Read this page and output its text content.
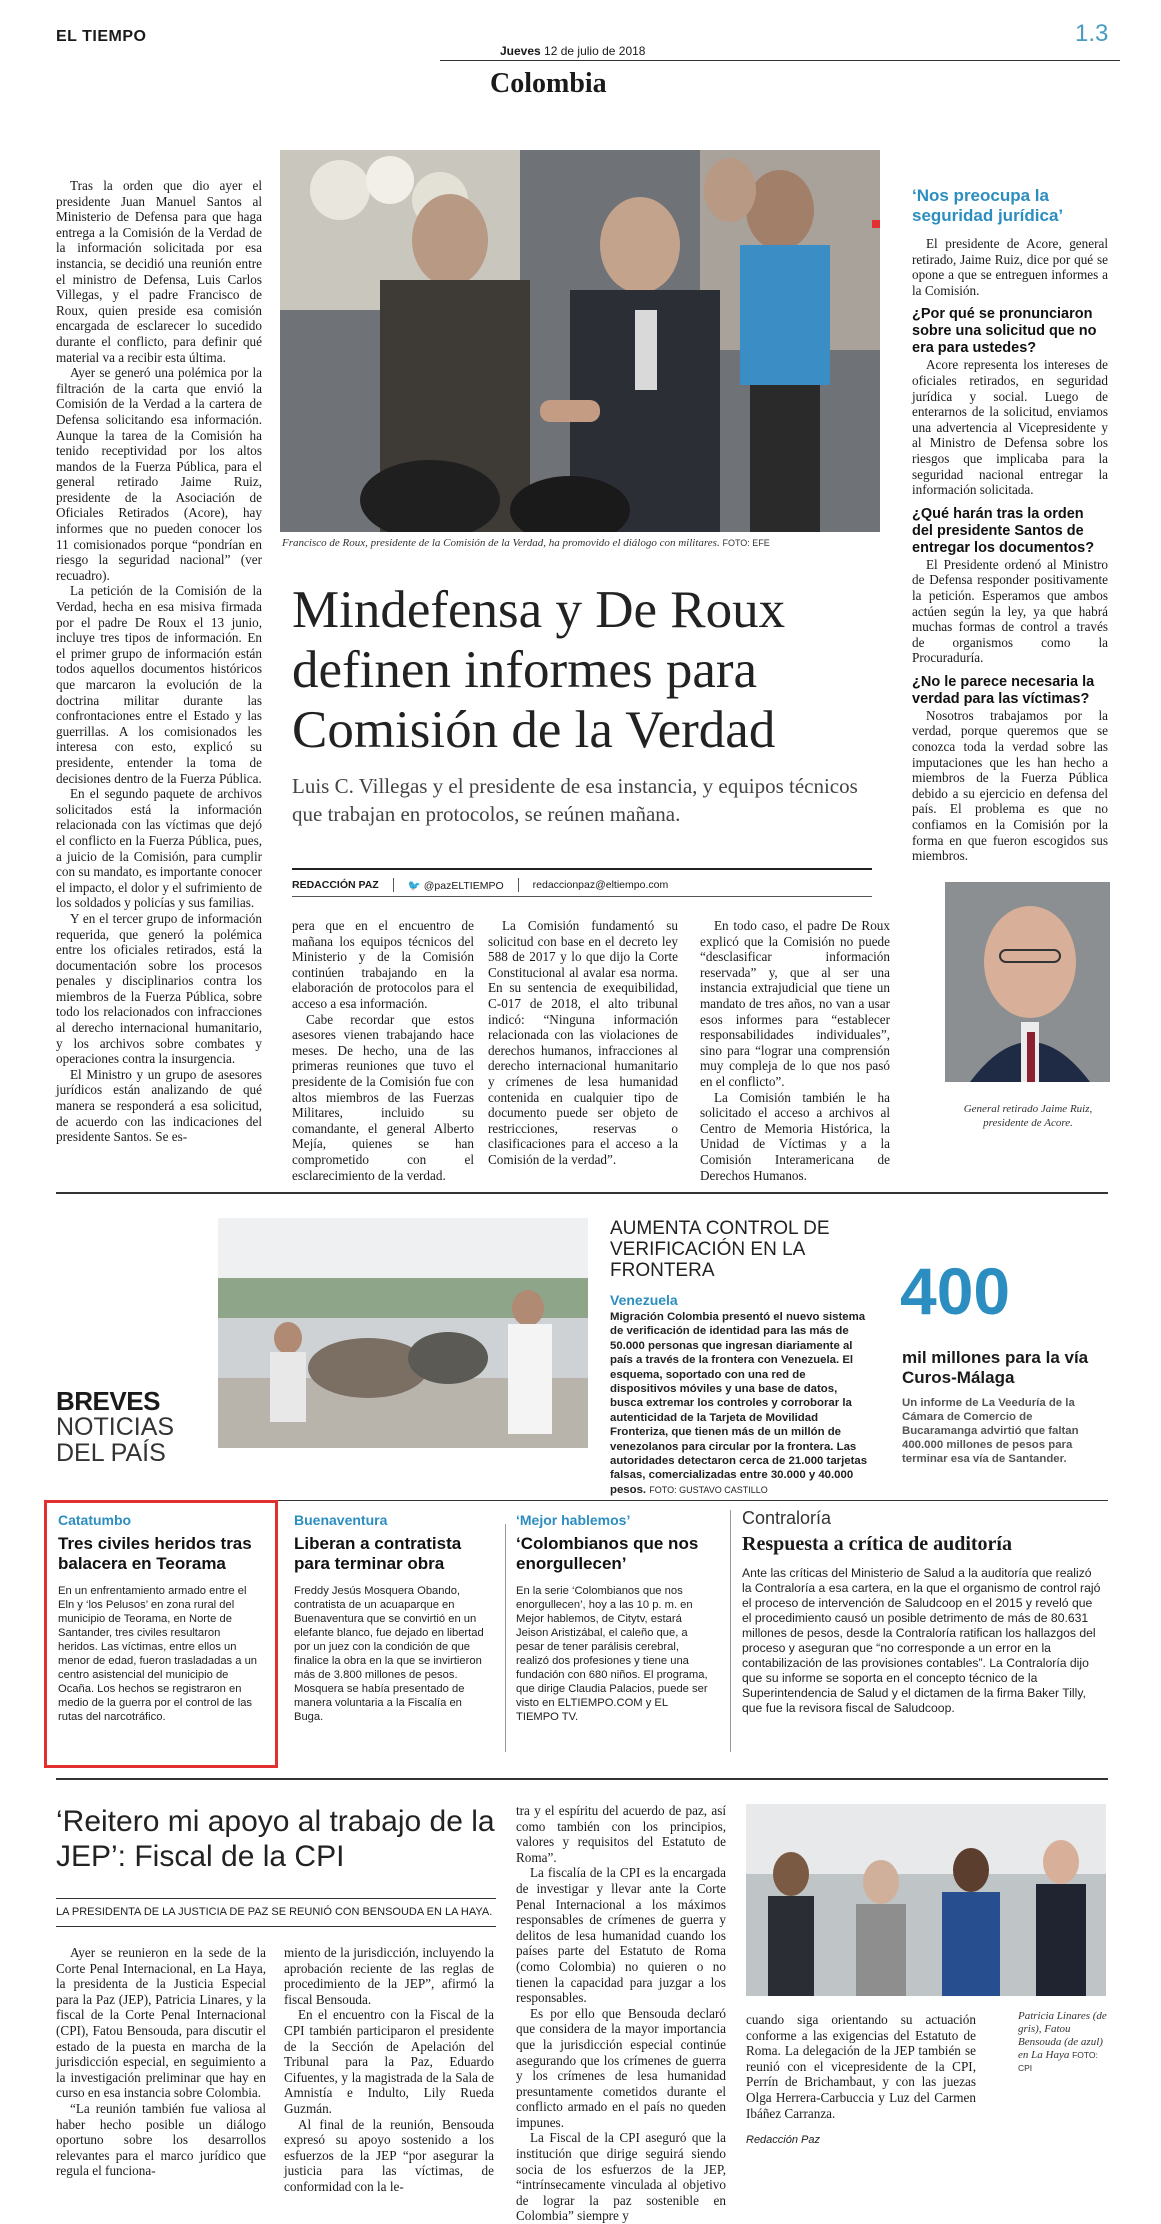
EL TIEMPO
Jueves 12 de julio de 2018
1.3
Colombia

Tras la orden que dio ayer el presidente Juan Manuel Santos al Ministerio de Defensa para que haga entrega a la Comisión de la Verdad de la información solicitada por esa instancia, se decidió una reunión entre el ministro de Defensa, Luis Carlos Villegas, y el padre Francisco de Roux, quien preside esa comisión encargada de esclarecer lo sucedido durante el conflicto, para definir qué material va a recibir esta última.

Ayer se generó una polémica por la filtración de la carta que envió la Comisión de la Verdad a la cartera de Defensa solicitando esa información. Aunque la tarea de la Comisión ha tenido receptividad por los altos mandos de la Fuerza Pública, para el general retirado Jaime Ruiz, presidente de la Asociación de Oficiales Retirados (Acore), hay informes que no pueden conocer los 11 comisionados porque “pondrían en riesgo la seguridad nacional” (ver recuadro).

La petición de la Comisión de la Verdad, hecha en esa misiva firmada por el padre De Roux el 13 junio, incluye tres tipos de información. En el primer grupo de información están todos aquellos documentos históricos que marcaron la evolución de la doctrina militar durante las confrontaciones entre el Estado y las guerrillas. A los comisionados les interesa con esto, explicó su presidente, entender la toma de decisiones dentro de la Fuerza Pública.

En el segundo paquete de archivos solicitados está la información relacionada con las víctimas que dejó el conflicto en la Fuerza Pública, pues, a juicio de la Comisión, para cumplir con su mandato, es importante conocer el impacto, el dolor y el sufrimiento de los soldados y policías y sus familias.

Y en el tercer grupo de información requerida, que generó la polémica entre los oficiales retirados, está la documentación sobre los procesos penales y disciplinarios contra los miembros de la Fuerza Pública, sobre todo los relacionados con infracciones al derecho internacional humanitario, y los archivos sobre combates y operaciones contra la insurgencia.

El Ministro y un grupo de asesores jurídicos están analizando de qué manera se responderá a esa solicitud, de acuerdo con las indicaciones del presidente Santos. Se es-

Francisco de Roux, presidente de la Comisión de la Verdad, ha promovido el diálogo con militares. FOTO: EFE
Mindefensa y De Roux definen informes para Comisión de la Verdad
Luis C. Villegas y el presidente de esa instancia, y equipos técnicos que trabajan en protocolos, se reúnen mañana.
REDACCIÓN PAZ	🐦 @pazELTIEMPO	redaccionpaz@eltiempo.com

pera que en el encuentro de mañana los equipos técnicos del Ministerio y de la Comisión continúen trabajando en la elaboración de protocolos para el acceso a esa información.

Cabe recordar que estos asesores vienen trabajando hace meses. De hecho, una de las primeras reuniones que tuvo el presidente de la Comisión fue con altos miembros de las Fuerzas Militares, incluido su comandante, el general Alberto Mejía, quienes se han comprometido con el esclarecimiento de la verdad.

La Comisión fundamentó su solicitud con base en el decreto ley 588 de 2017 y lo que dijo la Corte Constitucional al avalar esa norma. En su sentencia de exequibilidad, C-017 de 2018, el alto tribunal indicó: “Ninguna información relacionada con las violaciones de derechos humanos, infracciones al derecho internacional humanitario y crímenes de lesa humanidad contenida en cualquier tipo de documento puede ser objeto de restricciones, reservas o clasificaciones para el acceso a la Comisión de la verdad”.

En todo caso, el padre De Roux explicó que la Comisión no puede “desclasificar información reservada” y, que al ser una instancia extrajudicial que tiene un mandato de tres años, no van a usar esos informes para “establecer responsabilidades individuales”, sino para “lograr una comprensión muy compleja de lo que nos pasó en el conflicto”.

La Comisión también le ha solicitado el acceso a archivos al Centro de Memoria Histórica, la Unidad de Víctimas y a la Comisión Interamericana de Derechos Humanos.

‘Nos preocupa la seguridad jurídica’

El presidente de Acore, general retirado, Jaime Ruiz, dice por qué se opone a que se entreguen informes a la Comisión.

¿Por qué se pronunciaron sobre una solicitud que no era para ustedes?

Acore representa los intereses de oficiales retirados, en seguridad jurídica y social. Luego de enterarnos de la solicitud, enviamos una advertencia al Vicepresidente y al Ministro de Defensa sobre los riesgos que implicaba para la seguridad nacional entregar la información solicitada.

¿Qué harán tras la orden del presidente Santos de entregar los documentos?

El Presidente ordenó al Ministro de Defensa responder positivamente la petición. Esperamos que ambos actúen según la ley, ya que habrá muchas formas de control a través de organismos como la Procuraduría.

¿No le parece necesaria la verdad para las víctimas?

Nosotros trabajamos por la verdad, porque queremos que se conozca toda la verdad sobre las imputaciones que les han hecho a miembros de la Fuerza Pública debido a su ejercicio en defensa del país. El problema es que no confiamos en la Comisión por la forma en que fueron escogidos sus miembros.

General retirado Jaime Ruiz, presidente de Acore.
AUMENTA CONTROL DE VERIFICACIÓN EN LA FRONTERA
Venezuela
Migración Colombia presentó el nuevo sistema de verificación de identidad para las más de 50.000 personas que ingresan diariamente al país a través de la frontera con Venezuela. El esquema, soportado con una red de dispositivos móviles y una base de datos, busca extremar los controles y corroborar la autenticidad de la Tarjeta de Movilidad Fronteriza, que tienen más de un millón de venezolanos para circular por la frontera. Las autoridades detectaron cerca de 21.000 tarjetas falsas, comercializadas entre 30.000 y 40.000 pesos. FOTO: GUSTAVO CASTILLO
400
mil millones para la vía Curos-Málaga
Un informe de La Veeduría de la Cámara de Comercio de Bucaramanga advirtió que faltan 400.000 millones de pesos para terminar esa vía de Santander.
BREVES
NOTICIAS
DEL PAÍS
Catatumbo
Tres civiles heridos tras balacera en Teorama
En un enfrentamiento armado entre el Eln y ‘los Pelusos’ en zona rural del municipio de Teorama, en Norte de Santander, tres civiles resultaron heridos. Las víctimas, entre ellos un menor de edad, fueron trasladadas a un centro asistencial del municipio de Ocaña. Los hechos se registraron en medio de la guerra por el control de las rutas del narcotráfico.
Buenaventura
Liberan a contratista para terminar obra
Freddy Jesús Mosquera Obando, contratista de un acuaparque en Buenaventura que se convirtió en un elefante blanco, fue dejado en libertad por un juez con la condición de que finalice la obra en la que se invirtieron más de 3.800 millones de pesos. Mosquera se había presentado de manera voluntaria a la Fiscalía en Buga.
‘Mejor hablemos’
‘Colombianos que nos enorgullecen’
En la serie ‘Colombianos que nos enorgullecen’, hoy a las 10 p. m. en Mejor hablemos, de Citytv, estará Jeison Aristizábal, el caleño que, a pesar de tener parálisis cerebral, realizó dos profesiones y tiene una fundación con 680 niños. El programa, que dirige Claudia Palacios, puede ser visto en ELTIEMPO.COM y EL TIEMPO TV.
Contraloría
Respuesta a crítica de auditoría
Ante las críticas del Ministerio de Salud a la auditoría que realizó la Contraloría a esa cartera, en la que el organismo de control rajó el proceso de intervención de Saludcoop en el 2015 y reveló que el procedimiento causó un posible detrimento de más de 80.631 millones de pesos, desde la Contraloría ratifican los hallazgos del proceso y aseguran que “no corresponde a un error en la contabilización de las provisiones contables”. La Contraloría dijo que su informe se soporta en el concepto técnico de la Superintendencia de Salud y el dictamen de la firma Baker Tilly, que fue la revisora fiscal de Saludcoop.
‘Reitero mi apoyo al trabajo de la JEP’: Fiscal de la CPI
LA PRESIDENTA DE LA JUSTICIA DE PAZ SE REUNIÓ CON BENSOUDA EN LA HAYA.

Ayer se reunieron en la sede de la Corte Penal Internacional, en La Haya, la presidenta de la Justicia Especial para la Paz (JEP), Patricia Linares, y la fiscal de la Corte Penal Internacional (CPI), Fatou Bensouda, para discutir el estado de la puesta en marcha de la jurisdicción especial, en seguimiento a la investigación preliminar que hay en curso en esa instancia sobre Colombia.

“La reunión también fue valiosa al haber hecho posible un diálogo oportuno sobre los desarrollos relevantes para el marco jurídico que regula el funciona-

miento de la jurisdicción, incluyendo la aprobación reciente de las reglas de procedimiento de la JEP”, afirmó la fiscal Bensouda.

En el encuentro con la Fiscal de la CPI también participaron el presidente de la Sección de Apelación del Tribunal para la Paz, Eduardo Cifuentes, y la magistrada de la Sala de Amnistía e Indulto, Lily Rueda Guzmán.

Al final de la reunión, Bensouda expresó su apoyo sostenido a los esfuerzos de la JEP “por asegurar la justicia para las víctimas, de conformidad con la le-

tra y el espíritu del acuerdo de paz, así como también con los principios, valores y requisitos del Estatuto de Roma”.

La fiscalía de la CPI es la encargada de investigar y llevar ante la Corte Penal Internacional a los máximos responsables de crímenes de guerra y delitos de lesa humanidad cuando los países parte del Estatuto de Roma (como Colombia) no quieren o no tienen la capacidad para juzgar a los responsables.

Es por ello que Bensouda declaró que considera de la mayor importancia que la jurisdicción especial continúe asegurando que los crímenes de guerra y los crímenes de lesa humanidad presuntamente cometidos durante el conflicto armado en el país no queden impunes.

La Fiscal de la CPI aseguró que la institución que dirige seguirá siendo socia de los esfuerzos de la JEP, “intrínsecamente vinculada al objetivo de lograr la paz sostenible en Colombia” siempre y

cuando siga orientando su actuación conforme a las exigencias del Estatuto de Roma. La delegación de la JEP también se reunió con el vicepresidente de la CPI, Perrín de Brichambaut, y con las juezas Olga Herrera-Carbuccia y Luz del Carmen Ibáñez Carranza.

Redacción Paz
Patricia Linares (de gris), Fatou Bensouda (de azul) en La Haya FOTO: CPI
